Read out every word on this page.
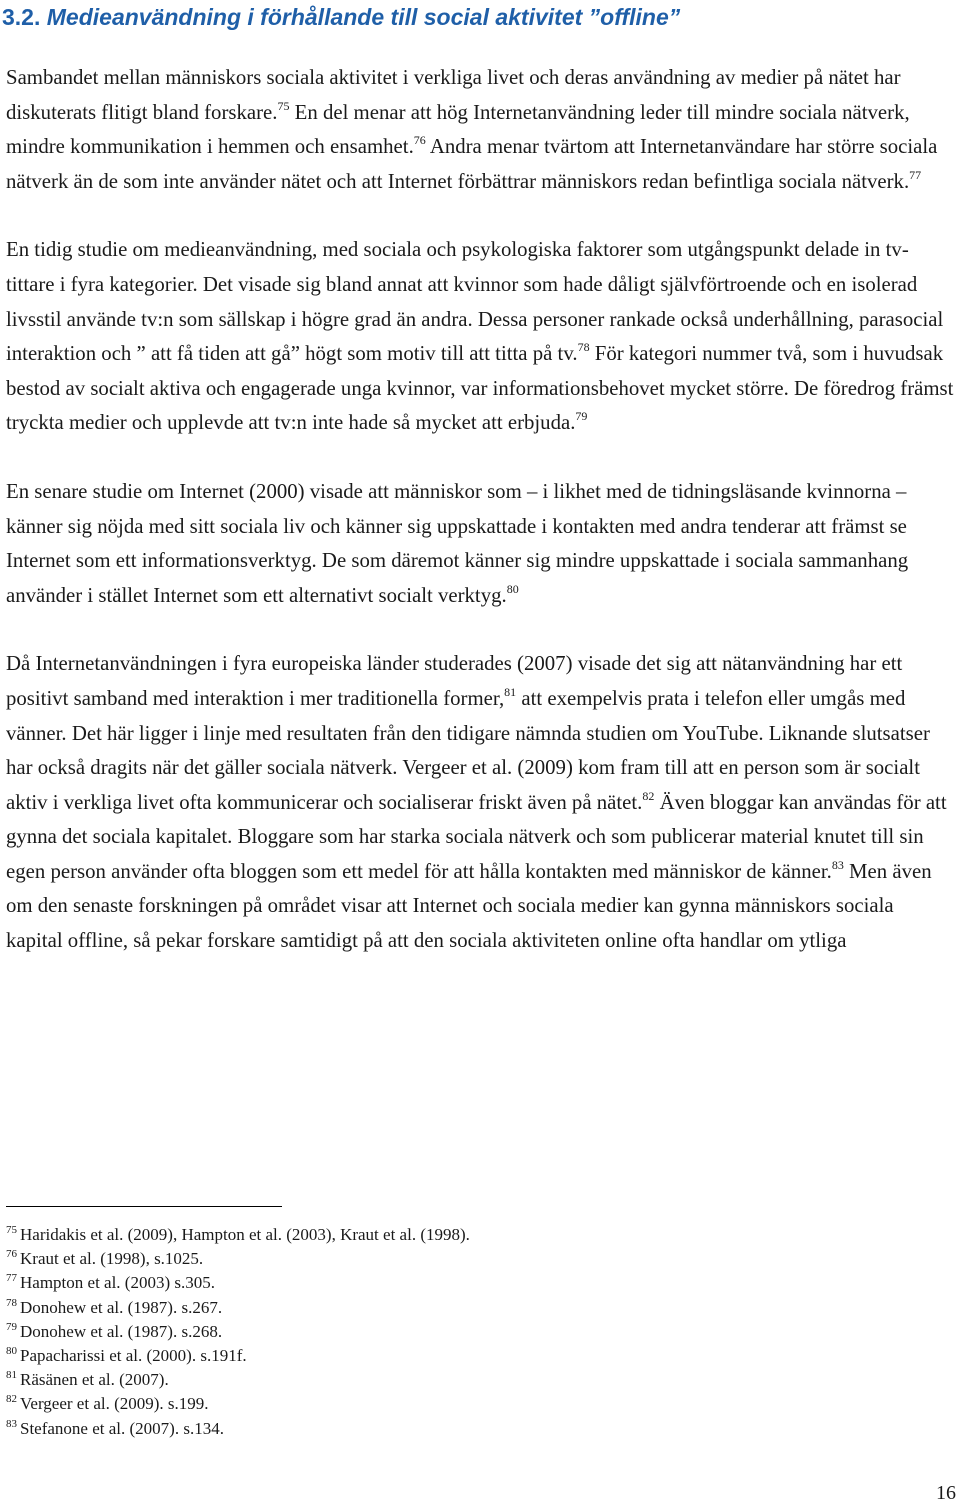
3.2. Medieanvändning i förhållande till social aktivitet ”offline”

Sambandet mellan människors sociala aktivitet i verkliga livet och deras användning av medier på nätet har diskuterats flitigt bland forskare.$^{75}$ En del menar att hög Internetanvändning leder till mindre sociala nätverk, mindre kommunikation i hemmen och ensamhet.$^{76}$ Andra menar tvärtom att Internetanvändare har större sociala nätverk än de som inte använder nätet och att Internet förbättrar människors redan befintliga sociala nätverk.$^{77}$

En tidig studie om medieanvändning, med sociala och psykologiska faktorer som utgångspunkt delade in tv-tittare i fyra kategorier. Det visade sig bland annat att kvinnor som hade dåligt självförtroende och en isolerad livsstil använde tv:n som sällskap i högre grad än andra. Dessa personer rankade också underhållning, parasocial interaktion och ” att få tiden att gå” högt som motiv till att titta på tv.$^{78}$ För kategori nummer två, som i huvudsak bestod av socialt aktiva och engagerade unga kvinnor, var informationsbehovet mycket större. De föredrog främst tryckta medier och upplevde att tv:n inte hade så mycket att erbjuda.$^{79}$

En senare studie om Internet (2000) visade att människor som – i likhet med de tidningsläsande kvinnorna – känner sig nöjda med sitt sociala liv och känner sig uppskattade i kontakten med andra tenderar att främst se Internet som ett informationsverktyg. De som däremot känner sig mindre uppskattade i sociala sammanhang använder i stället Internet som ett alternativt socialt verktyg.$^{80}$

Då Internetanvändningen i fyra europeiska länder studerades (2007) visade det sig att nätanvändning har ett positivt samband med interaktion i mer traditionella former,$^{81}$ att exempelvis prata i telefon eller umgås med vänner. Det här ligger i linje med resultaten från den tidigare nämnda studien om YouTube. Liknande slutsatser har också dragits när det gäller sociala nätverk. Vergeer et al. (2009) kom fram till att en person som är socialt aktiv i verkliga livet ofta kommunicerar och socialiserar friskt även på nätet.$^{82}$ Även bloggar kan användas för att gynna det sociala kapitalet. Bloggare som har starka sociala nätverk och som publicerar material knutet till sin egen person använder ofta bloggen som ett medel för att hålla kontakten med människor de känner.$^{83}$ Men även om den senaste forskningen på området visar att Internet och sociala medier kan gynna människors sociala kapital offline, så pekar forskare samtidigt på att den sociala aktiviteten online ofta handlar om ytliga

$^{75}$ Haridakis et al. (2009), Hampton et al. (2003), Kraut et al. (1998).
$^{76}$ Kraut et al. (1998), s.1025.
$^{77}$ Hampton et al. (2003) s.305.
$^{78}$ Donohew et al. (1987). s.267.
$^{79}$ Donohew et al. (1987). s.268.
$^{80}$ Papacharissi et al. (2000). s.191f.
$^{81}$ Räsänen et al. (2007).
$^{82}$ Vergeer et al. (2009). s.199.
$^{83}$ Stefanone et al. (2007). s.134.
16
